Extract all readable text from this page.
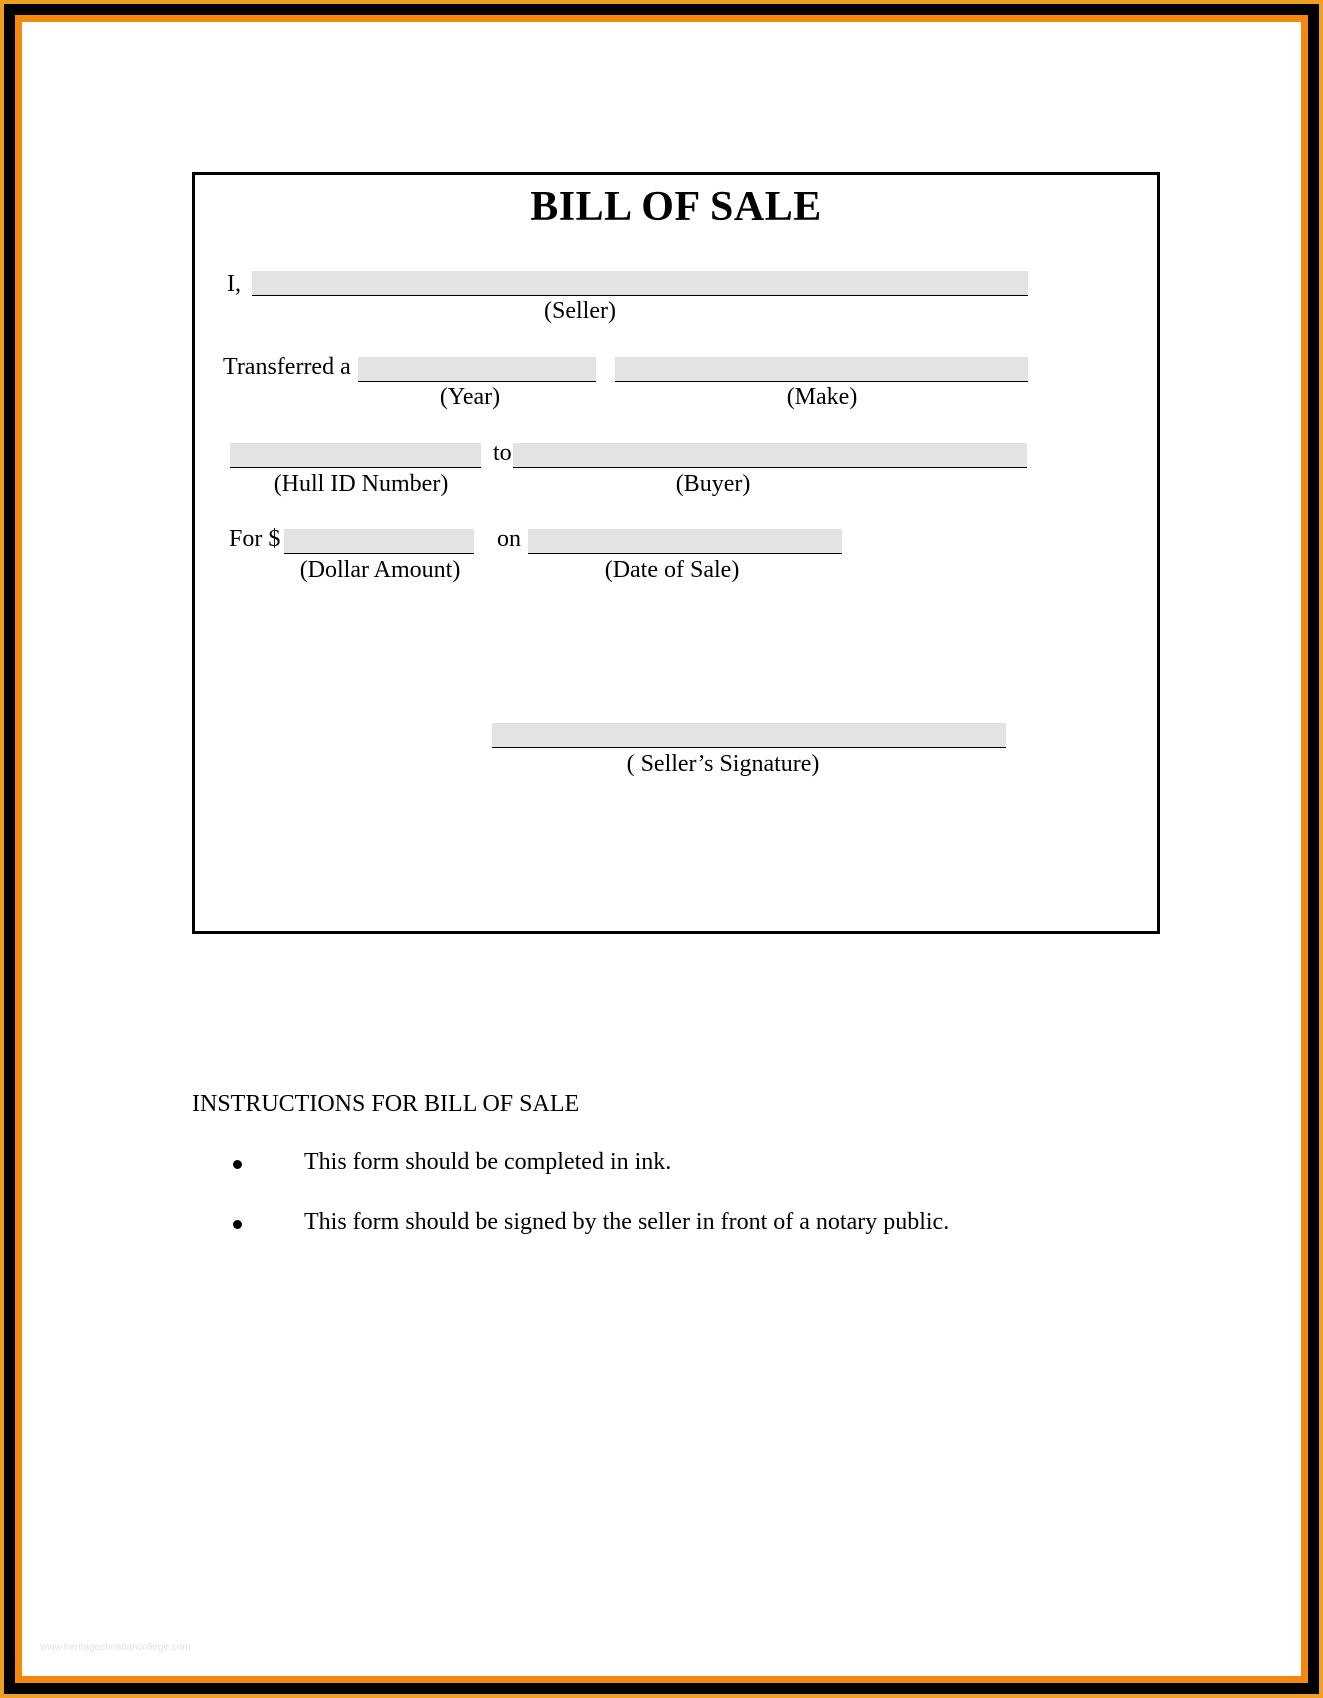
BILL OF SALE
I,
(Seller)
Transferred a
(Year)	(Make)
to
(Hull ID Number)	(Buyer)
For $	on
(Dollar Amount)	(Date of Sale)
( Seller’s Signature)
INSTRUCTIONS FOR BILL OF SALE
This form should be completed in ink.
This form should be signed by the seller in front of a notary public.
www.heritagechristiancollege.com
